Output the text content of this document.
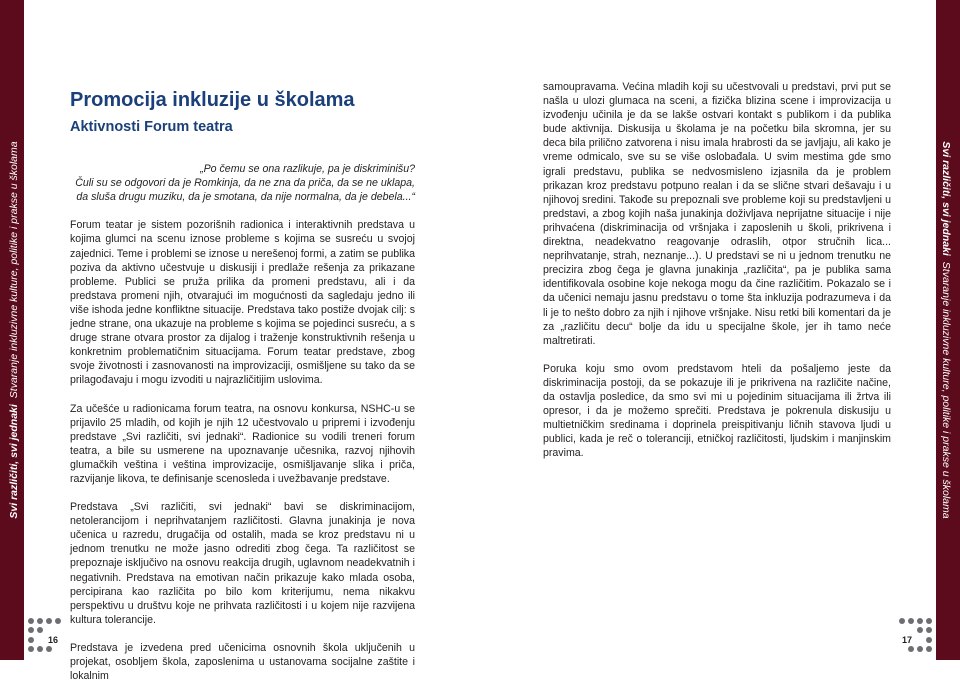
Svi različiti, svi jednakiStvaranje inkluzivne kulture, politike i prakse u školama	Svi različiti, svi jednakiStvaranje inkluzivne kulture, politike i prakse u školama
Promocija inkluzije u školama
Aktivnosti Forum teatra
„Po čemu se ona razlikuje, pa je diskriminišu?
Čuli su se odgovori da je Romkinja, da ne zna da priča, da se ne uklapa,
da sluša drugu muziku, da je smotana, da nije normalna, da je debela...“

Forum teatar je sistem pozorišnih radionica i interaktivnih predstava u kojima glumci na scenu iznose probleme s kojima se susreću u svojoj zajednici. Teme i problemi se iznose u nerešenoj formi, a zatim se publika poziva da aktivno učestvuje u diskusiji i predlaže rešenja za prikazane probleme. Publici se pruža prilika da promeni predstavu, ali i da predstava promeni njih, otvarajući im mogućnosti da sagledaju jedno ili više ishoda jedne konfliktne situacije. Predstava tako postiže dvojak cilj: s jedne strane, ona ukazuje na probleme s kojima se pojedinci susreću, a s druge strane otvara prostor za dijalog i traženje konstruktivnih rešenja u konkretnim problematičnim situacijama. Forum teatar predstave, zbog svoje životnosti i zasnovanosti na improvizaciji, osmišljene su tako da se prilagođavaju i mogu izvoditi u najrazličitijim uslovima.

Za učešće u radionicama forum teatra, na osnovu konkursa, NSHC-u se prijavilo 25 mladih, od kojih je njih 12 učestvovalo u pripremi i izvođenju predstave „Svi različiti, svi jednaki“. Radionice su vodili treneri forum teatra, a bile su usmerene na upoznavanje učesnika, razvoj njihovih glumačkih veština i veština improvizacije, osmišljavanje slika i priča, razvijanje likova, te definisanje scenosleda i uvežbavanje predstave.

Predstava „Svi različiti, svi jednaki“ bavi se diskriminacijom, netolerancijom i neprihvatanjem različitosti. Glavna junakinja je nova učenica u razredu, drugačija od ostalih, mada se kroz predstavu ni u jednom trenutku ne može jasno odrediti zbog čega. Ta različitost se prepoznaje isključivo na osnovu reakcija drugih, uglavnom neadekvatnih i negativnih. Predstava na emotivan način prikazuje kako mlada osoba, percipirana kao različita po bilo kom kriterijumu, nema nikakvu perspektivu u društvu koje ne prihvata različitosti i u kojem nije razvijena kultura tolerancije.

Predstava je izvedena pred učenicima osnovnih škola uključenih u projekat, osobljem škola, zaposlenima u ustanovama socijalne zaštite i lokalnim

samoupravama. Većina mladih koji su učestvovali u predstavi, prvi put se našla u ulozi glumaca na sceni, a fizička blizina scene i improvizacija u izvođenju učinila je da se lakše ostvari kontakt s publikom i da publika bude aktivnija. Diskusija u školama je na početku bila skromna, jer su deca bila prilično zatvorena i nisu imala hrabrosti da se javljaju, ali kako je vreme odmicalo, sve su se više oslobađala. U svim mestima gde smo igrali predstavu, publika se nedvosmisleno izjasnila da je problem prikazan kroz predstavu potpuno realan i da se slične stvari dešavaju i u njihovoj sredini. Takođe su prepoznali sve probleme koji su predstavljeni u predstavi, a zbog kojih naša junakinja doživljava neprijatne situacije i nije prihvaćena (diskriminacija od vršnjaka i zaposlenih u školi, prikrivena i direktna, neadekvatno reagovanje odraslih, otpor stručnih lica... neprihvatanje, strah, neznanje...). U predstavi se ni u jednom trenutku ne precizira zbog čega je glavna junakinja „različita“, pa je publika sama identifikovala osobine koje nekoga mogu da čine različitim. Pokazalo se i da učenici nemaju jasnu predstavu o tome šta inkluzija podrazumeva i da li je to nešto dobro za njih i njihove vršnjake. Nisu retki bili komentari da je za „različitu decu“ bolje da idu u specijalne škole, jer ih tamo neće maltretirati.

Poruka koju smo ovom predstavom hteli da pošaljemo jeste da diskriminacija postoji, da se pokazuje ili je prikrivena na različite načine, da ostavlja posledice, da smo svi mi u pojedinim situacijama ili žrtva ili opresor, i da je možemo sprečiti. Predstava je pokrenula diskusiju u multietničkim sredinama i doprinela preispitivanju ličnih stavova ljudi u publici, kada je reč o toleranciji, etničkoj različitosti, ljudskim i manjinskim pravima.

16	17
